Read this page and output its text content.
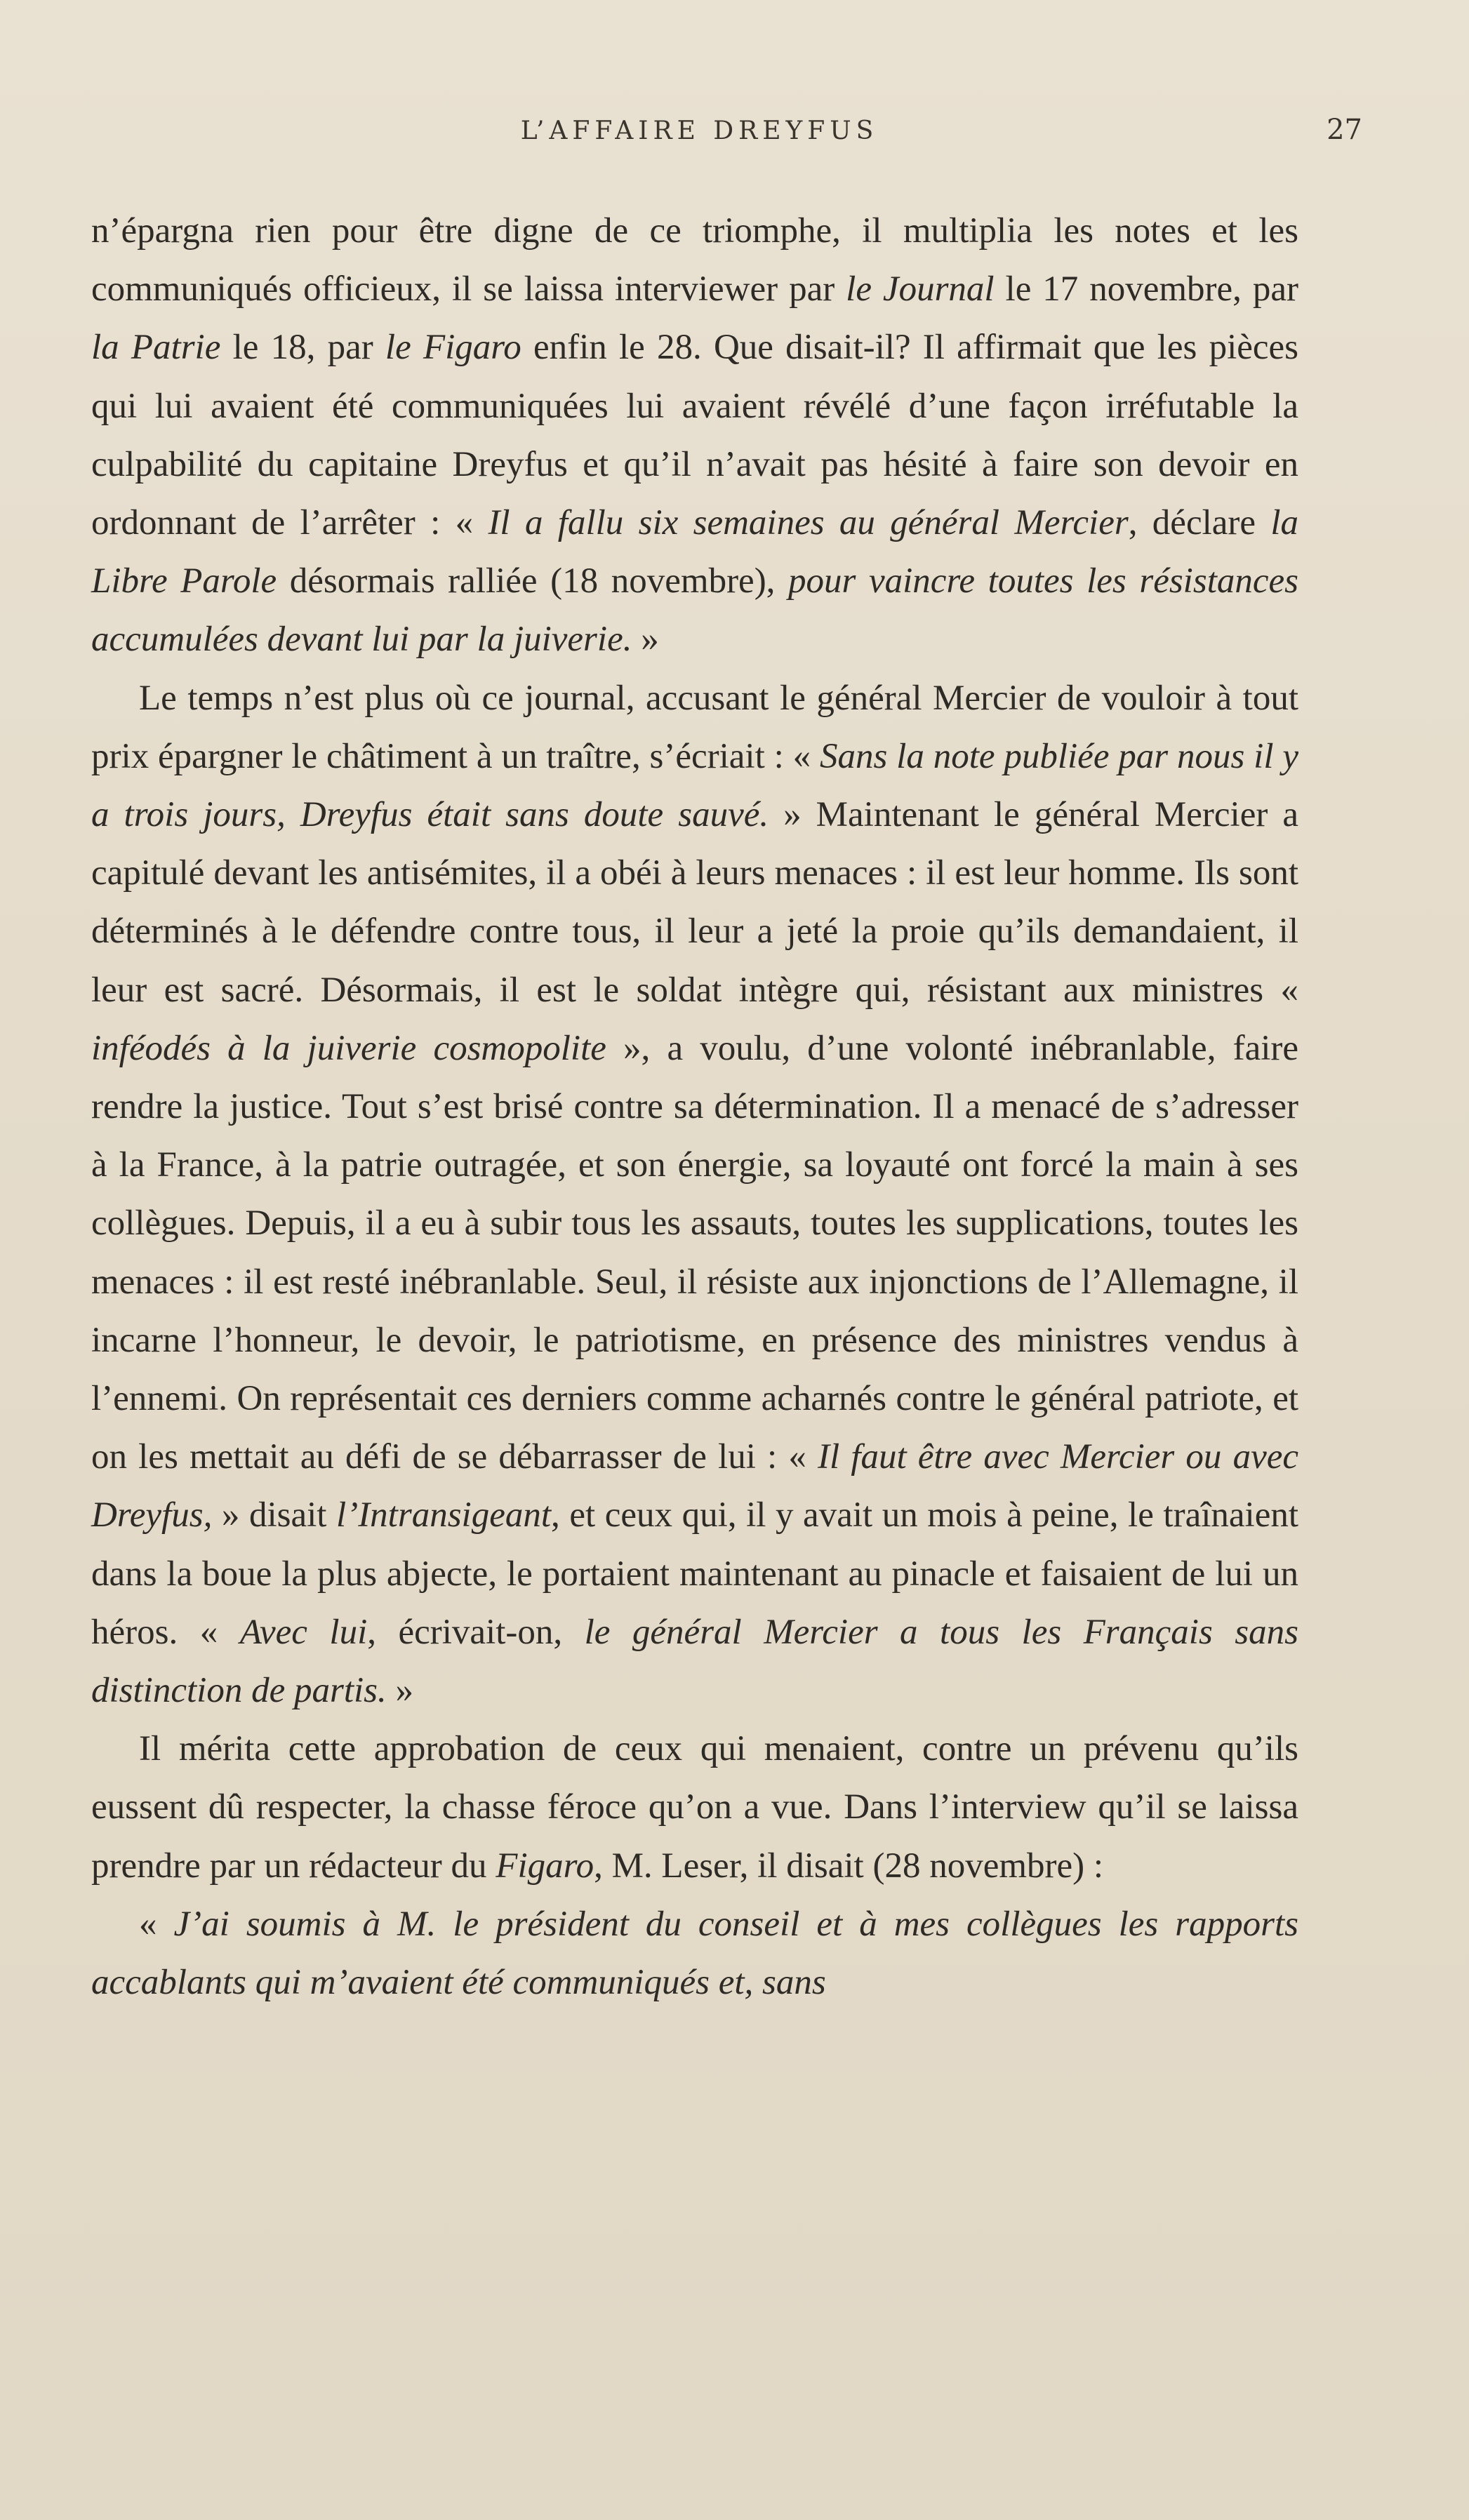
L’AFFAIRE DREYFUS	27

n’épargna rien pour être digne de ce triomphe, il multiplia les notes et les communiqués officieux, il se laissa interviewer par le Journal le 17 novembre, par la Patrie le 18, par le Figaro enfin le 28. Que disait-il? Il affirmait que les pièces qui lui avaient été communiquées lui avaient révélé d’une façon irréfutable la culpabilité du capitaine Dreyfus et qu’il n’avait pas hésité à faire son devoir en ordonnant de l’arrêter : « Il a fallu six semaines au général Mercier, déclare la Libre Parole désormais ralliée (18 novembre), pour vaincre toutes les résistances accumulées devant lui par la juiverie. »

Le temps n’est plus où ce journal, accusant le général Mercier de vouloir à tout prix épargner le châtiment à un traître, s’écriait : « Sans la note publiée par nous il y a trois jours, Dreyfus était sans doute sauvé. » Maintenant le général Mercier a capitulé devant les antisémites, il a obéi à leurs menaces : il est leur homme. Ils sont déterminés à le défendre contre tous, il leur a jeté la proie qu’ils demandaient, il leur est sacré. Désormais, il est le soldat intègre qui, résistant aux ministres « inféodés à la juiverie cosmopolite », a voulu, d’une volonté inébranlable, faire rendre la justice. Tout s’est brisé contre sa détermination. Il a menacé de s’adresser à la France, à la patrie outragée, et son énergie, sa loyauté ont forcé la main à ses collègues. Depuis, il a eu à subir tous les assauts, toutes les supplications, toutes les menaces : il est resté inébranlable. Seul, il résiste aux injonctions de l’Allemagne, il incarne l’honneur, le devoir, le patriotisme, en présence des ministres vendus à l’ennemi. On représentait ces derniers comme acharnés contre le général patriote, et on les mettait au défi de se débarrasser de lui : « Il faut être avec Mercier ou avec Dreyfus, » disait l’Intransigeant, et ceux qui, il y avait un mois à peine, le traînaient dans la boue la plus abjecte, le portaient maintenant au pinacle et faisaient de lui un héros. « Avec lui, écrivait-on, le général Mercier a tous les Français sans distinction de partis. »

Il mérita cette approbation de ceux qui menaient, contre un prévenu qu’ils eussent dû respecter, la chasse féroce qu’on a vue. Dans l’interview qu’il se laissa prendre par un rédacteur du Figaro, M. Leser, il disait (28 novembre) :

« J’ai soumis à M. le président du conseil et à mes collègues les rapports accablants qui m’avaient été communiqués et, sans
